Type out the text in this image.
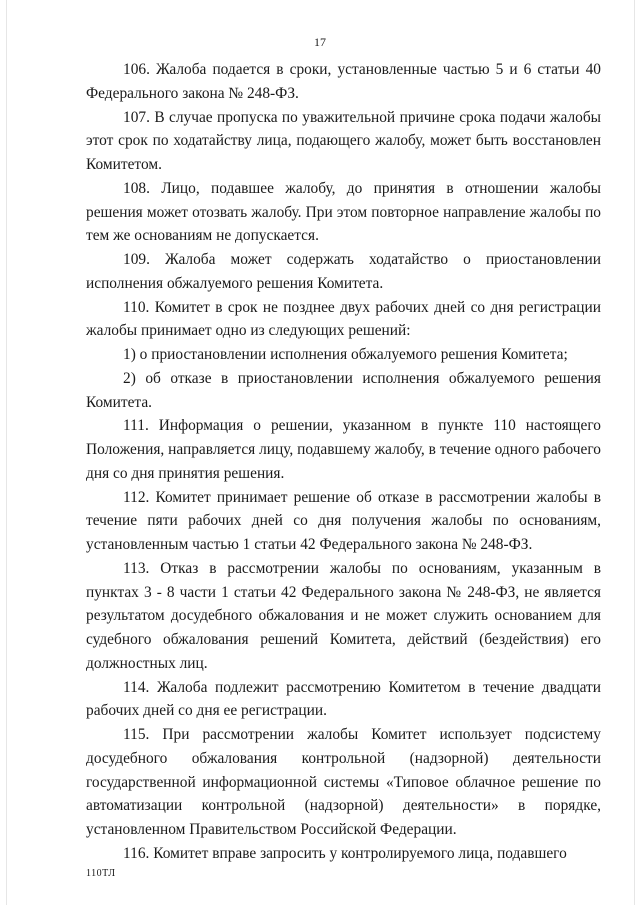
17

106. Жалоба подается в сроки, установленные частью 5 и 6 статьи 40 Федерального закона № 248-ФЗ.

107. В случае пропуска по уважительной причине срока подачи жалобы этот срок по ходатайству лица, подающего жалобу, может быть восстановлен Комитетом.

108. Лицо, подавшее жалобу, до принятия в отношении жалобы решения может отозвать жалобу. При этом повторное направление жалобы по тем же основаниям не допускается.

109. Жалоба может содержать ходатайство о приостановлении исполнения обжалуемого решения Комитета.

110. Комитет в срок не позднее двух рабочих дней со дня регистрации жалобы принимает одно из следующих решений:

1) о приостановлении исполнения обжалуемого решения Комитета;

2) об отказе в приостановлении исполнения обжалуемого решения Комитета.

111. Информация о решении, указанном в пункте 110 настоящего Положения, направляется лицу, подавшему жалобу, в течение одного рабочего дня со дня принятия решения.

112. Комитет принимает решение об отказе в рассмотрении жалобы в течение пяти рабочих дней со дня получения жалобы по основаниям, установленным частью 1 статьи 42 Федерального закона № 248-ФЗ.

113. Отказ в рассмотрении жалобы по основаниям, указанным в пунктах 3 - 8 части 1 статьи 42 Федерального закона № 248-ФЗ, не является результатом досудебного обжалования и не может служить основанием для судебного обжалования решений Комитета, действий (бездействия) его должностных лиц.

114. Жалоба подлежит рассмотрению Комитетом в течение двадцати рабочих дней со дня ее регистрации.

115. При рассмотрении жалобы Комитет использует подсистему досудебного обжалования контрольной (надзорной) деятельности государственной информационной системы «Типовое облачное решение по автоматизации контрольной (надзорной) деятельности» в порядке, установленном Правительством Российской Федерации.

116. Комитет вправе запросить у контролируемого лица, подавшего

110ТЛ
